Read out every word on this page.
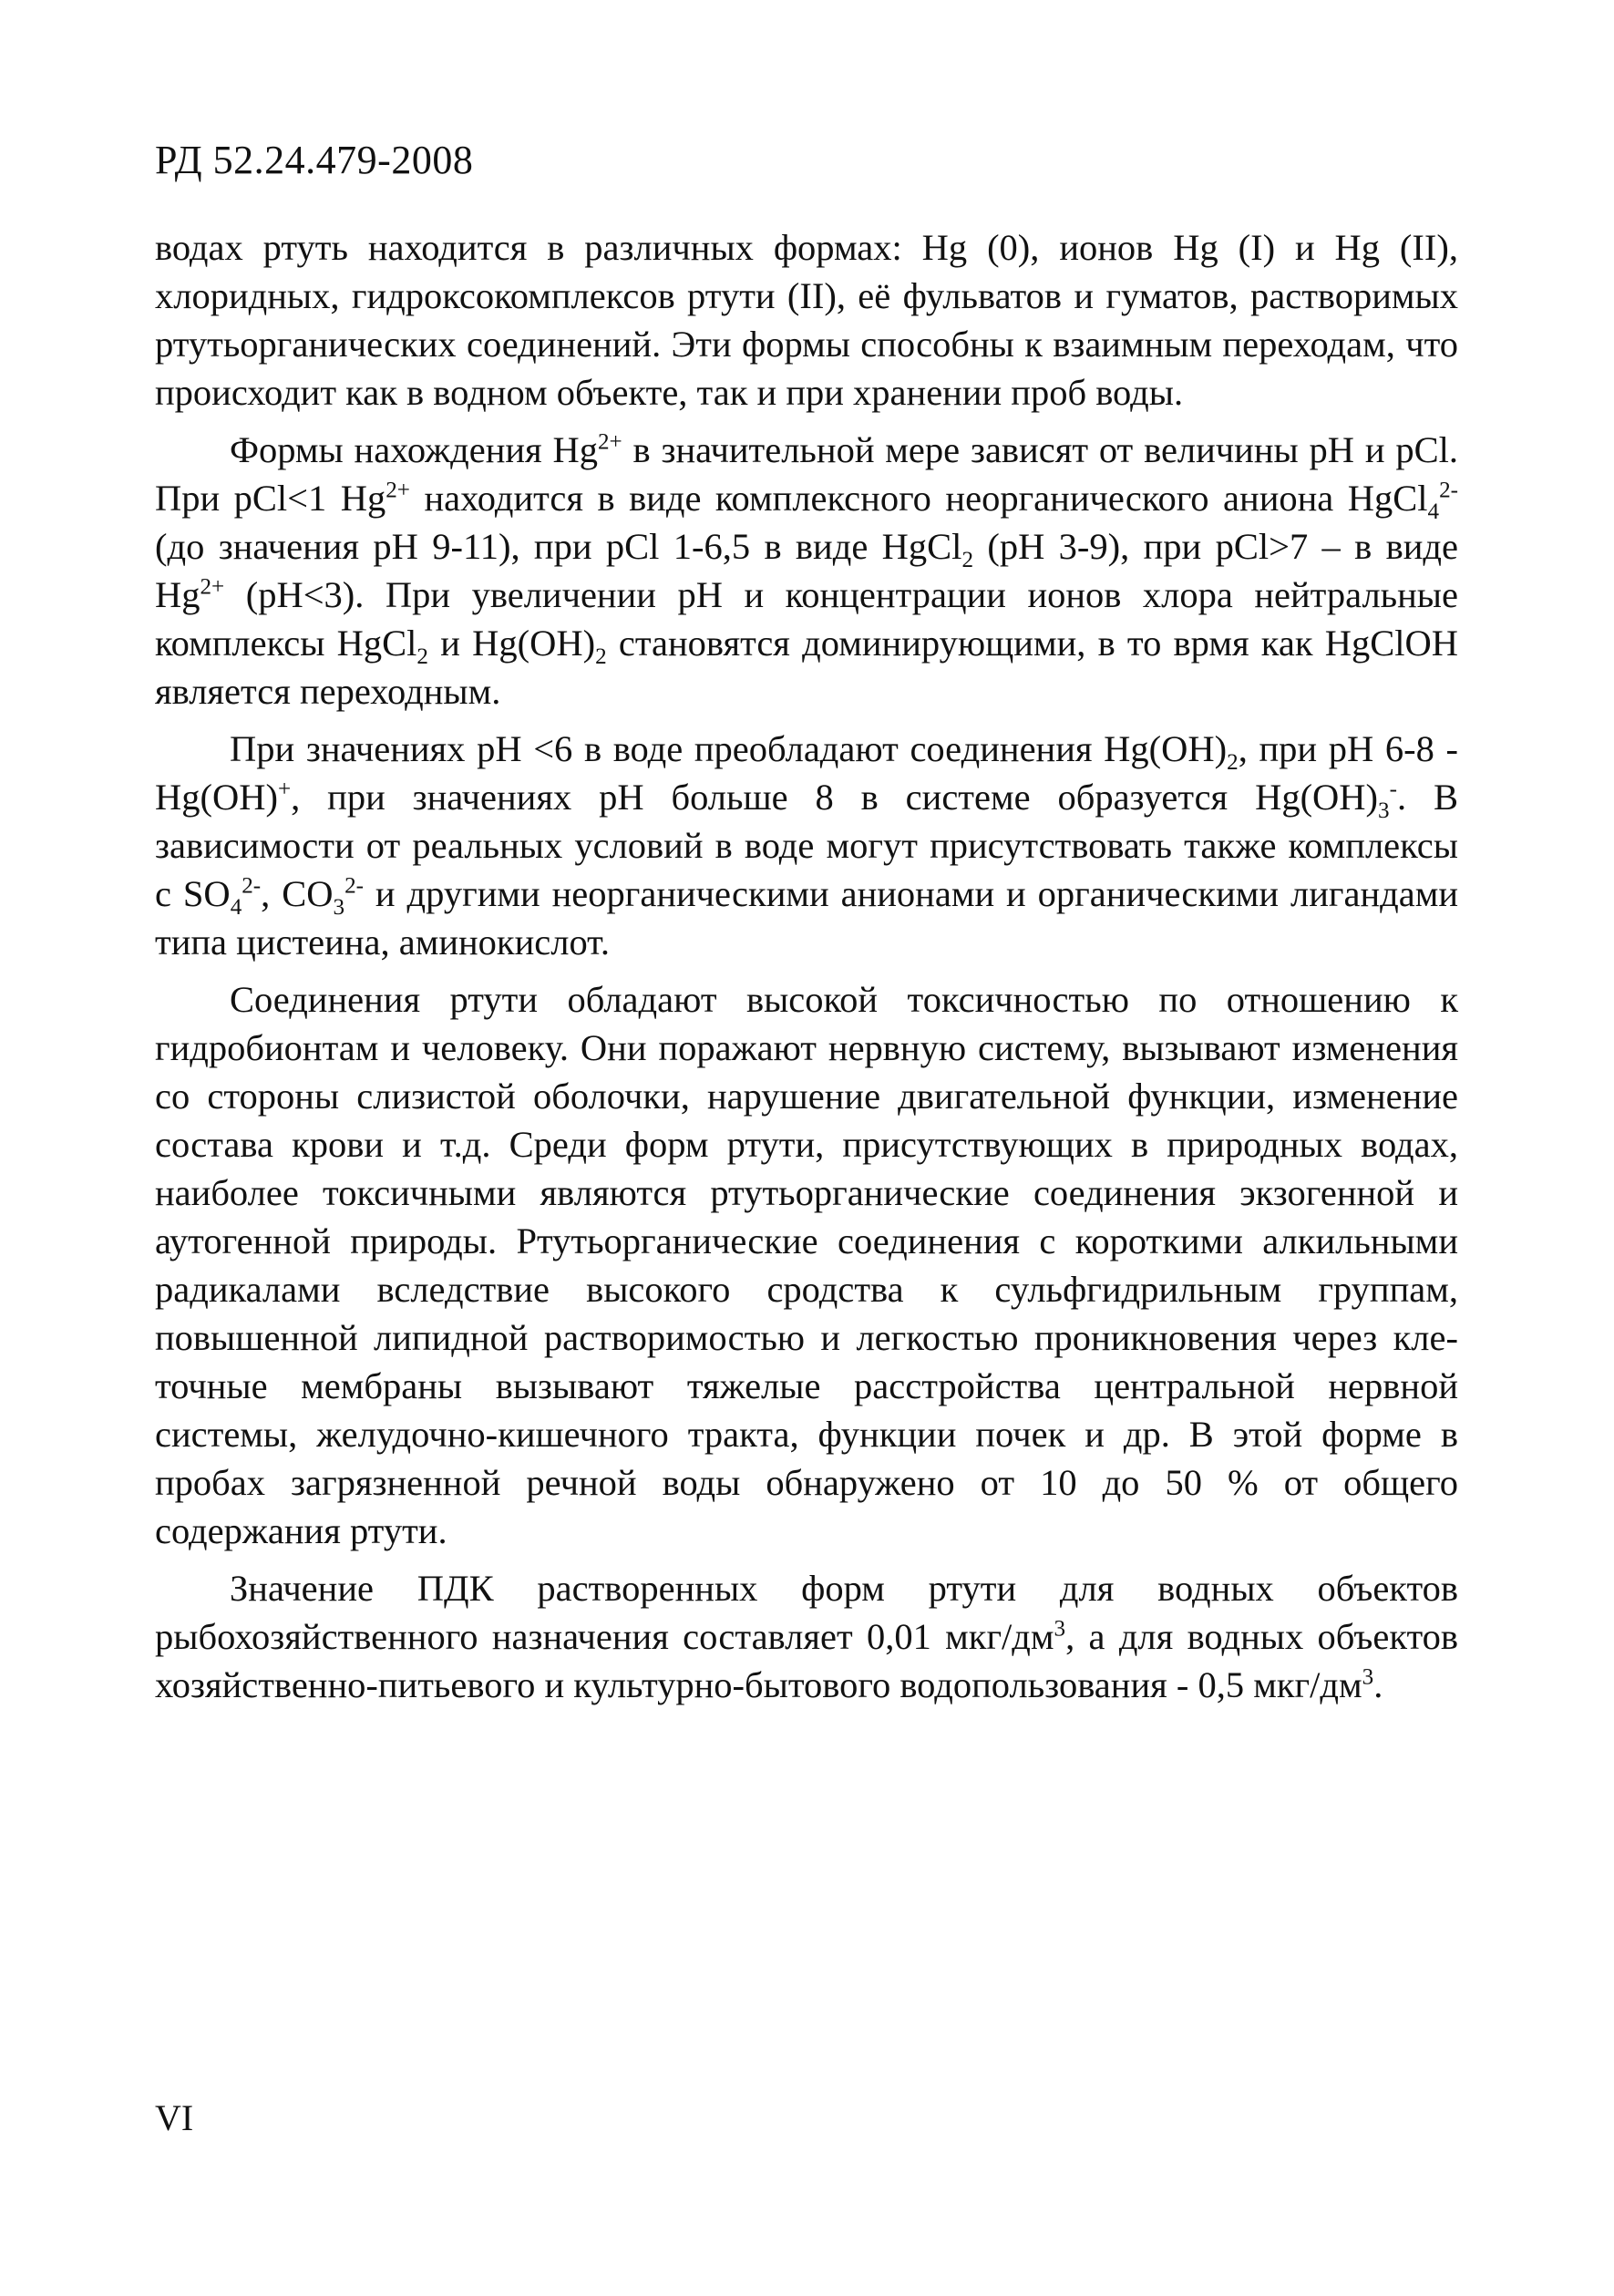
РД 52.24.479-2008

водах ртуть находится в различных формах: Hg (0), ионов Hg (I) и Hg (II), хлоридных, гидроксокомплексов ртути (II), её фульватов и гуматов, растворимых ртутьорганических соединений. Эти формы способны к взаимным переходам, что происходит как в водном объекте, так и при хранении проб воды.

Формы нахождения $Hg^{2+}$ в значительной мере зависят от величины pH и pCl. При pCl<1 $Hg^{2+}$ находится в виде комплексного неорганического аниона HgCl$_4^{2-}$ (до значения pH 9-11), при pCl 1-6,5 в виде HgCl$_2$ (pH 3-9), при pCl>7 – в виде $Hg^{2+}$ (pH<3). При увеличении pH и концентрации ионов хлора нейтральные комплексы HgCl$_2$ и $Hg(OH)_2$ становятся доминирующими, в то врмя как HgClOH является переходным.

При значениях pH <6 в воде преобладают соединения $Hg(OH)_2$, при pH 6-8 - Hg(OH)+, при значениях pH больше 8 в системе образуется $Hg(OH)_3^-$. В зависимости от реальных условий в воде могут присутствовать также комплексы с $SO_4^{2-}$, $CO_3^{2-}$ и другими неорганическими анионами и органическими лигандами типа цистеина, аминокислот.

Соединения ртути обладают высокой токсичностью по отношению к гидробионтам и человеку. Они поражают нервную систему, вызывают изменения со стороны слизистой оболочки, нарушение двигательной функции, изменение состава крови и т.д. Среди форм ртути, присутствующих в природных водах, наиболее токсичными являются ртутьорганические соединения экзогенной и аутогенной природы. Ртутьорганические соединения с короткими алкильными радикалами вследствие высокого сродства к сульфгидрильным группам, повышенной липидной растворимостью и легкостью проникновения через клеточные мембраны вызывают тяжелые расстройства центральной нервной системы, желудочно-кишечного тракта, функции почек и др. В этой форме в пробах загрязненной речной воды обнаружено от 10 до 50 % от общего содержания ртути.

Значение ПДК растворенных форм ртути для водных объектов рыбохозяйственного назначения составляет 0,01 мкг/$дм^3$, а для водных объектов хозяйственно-питьевого и культурно-бытового водопользования - 0,5 мкг/$дм^3$.

VI
